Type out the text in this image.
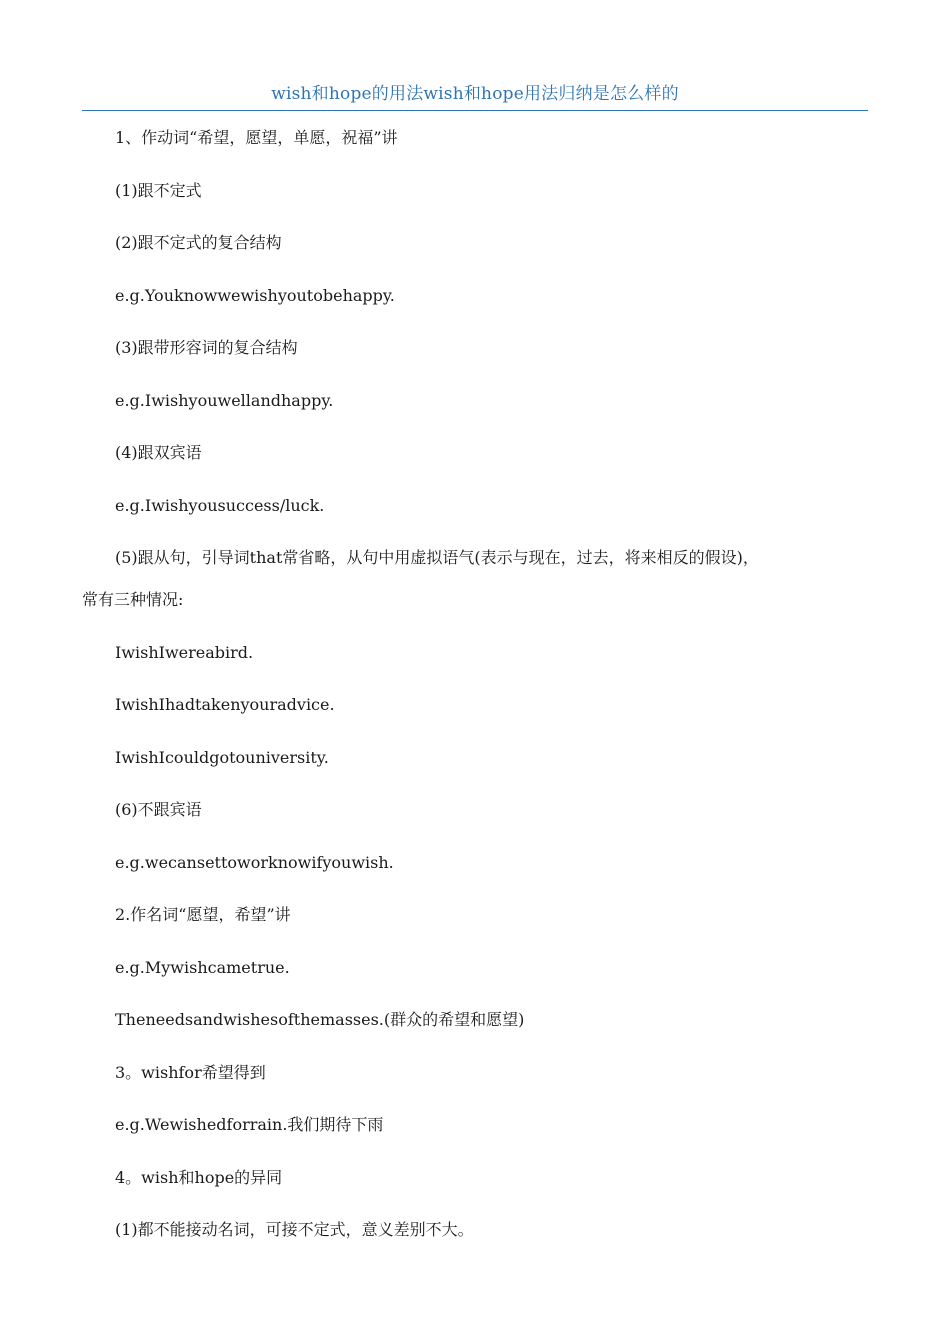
wish和hope的用法wish和hope用法归纳是怎么样的

1、作动词“希望，愿望，单愿，祝福”讲

(1)跟不定式

(2)跟不定式的复合结构

e.g.Youknowwewishyoutobehappy.

(3)跟带形容词的复合结构

e.g.Iwishyouwellandhappy.

(4)跟双宾语

e.g.Iwishyousuccess/luck.

(5)跟从句，引导词that常省略，从句中用虚拟语气(表示与现在，过去，将来相反的假设)，

常有三种情况:

IwishIwereabird.

IwishIhadtakenyouradvice.

IwishIcouldgotouniversity.

(6)不跟宾语

e.g.wecansettoworknowifyouwish.

2.作名词“愿望，希望”讲

e.g.Mywishcametrue.

Theneedsandwishesofthemasses.(群众的希望和愿望)

3。wishfor希望得到

e.g.Wewishedforrain.我们期待下雨

4。wish和hope的异同

(1)都不能接动名词，可接不定式，意义差别不大。
